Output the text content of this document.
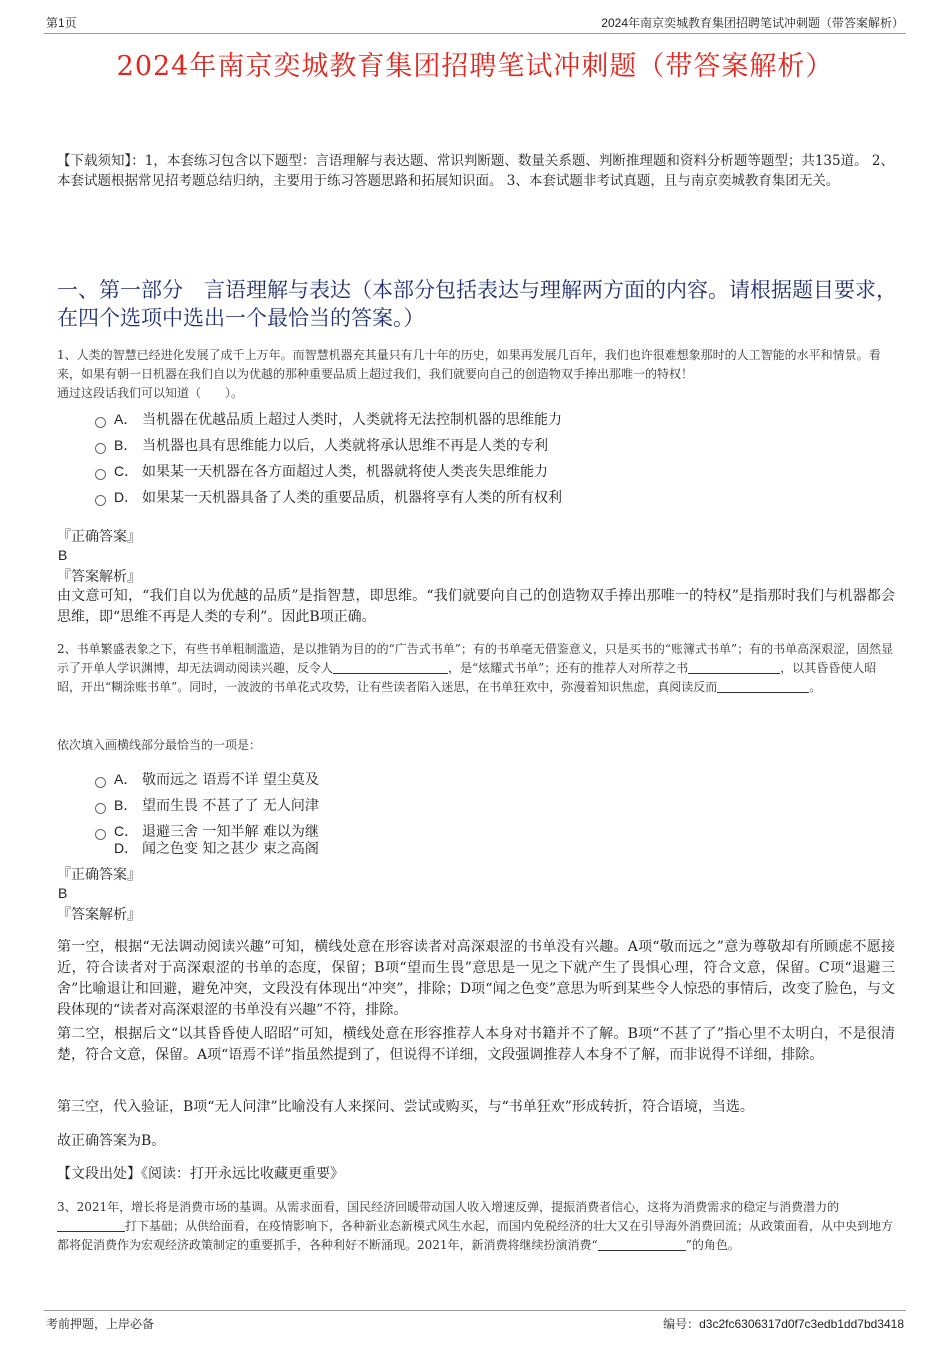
第1页	2024年南京奕城教育集团招聘笔试冲刺题（带答案解析）
2024年南京奕城教育集团招聘笔试冲刺题（带答案解析）
【下载须知】：1，本套练习包含以下题型：言语理解与表达题、常识判断题、数量关系题、判断推理题和资料分析题等题型；共135道。 2、本套试题根据常见招考题总结归纳，主要用于练习答题思路和拓展知识面。 3、本套试题非考试真题，且与南京奕城教育集团无关。
一、第一部分　言语理解与表达（本部分包括表达与理解两方面的内容。请根据题目要求，在四个选项中选出一个最恰当的答案。）
1、人类的智慧已经进化发展了成千上万年。而智慧机器充其量只有几十年的历史，如果再发展几百年，我们也许很难想象那时的人工智能的水平和情景。看来，如果有朝一日机器在我们自以为优越的那种重要品质上超过我们，我们就要向自己的创造物双手捧出那唯一的特权！
通过这段话我们可以知道（　　）。
A． 当机器在优越品质上超过人类时，人类就将无法控制机器的思维能力
B． 当机器也具有思维能力以后，人类就将承认思维不再是人类的专利
C． 如果某一天机器在各方面超过人类，机器就将使人类丧失思维能力
D． 如果某一天机器具备了人类的重要品质，机器将享有人类的所有权利
『正确答案』
B
『答案解析』
由文意可知，“我们自以为优越的品质”是指智慧，即思维。“我们就要向自己的创造物双手捧出那唯一的特权”是指那时我们与机器都会思维，即“思维不再是人类的专利”。因此B项正确。
2、书单繁盛表象之下，有些书单粗制滥造，是以推销为目的的“广告式书单”；有的书单毫无借鉴意义，只是买书的“账簿式书单”；有的书单高深艰涩，固然显示了开单人学识渊博，却无法调动阅读兴趣，反令人	，是“炫耀式书单”；还有的推荐人对所荐之书	，以其昏昏使人昭昭，开出“糊涂账书单”。同时，一波波的书单花式攻势，让有些读者陷入迷思，在书单狂欢中，弥漫着知识焦虑，真阅读反而	。
依次填入画横线部分最恰当的一项是：
A． 敬而远之 语焉不详 望尘莫及
B． 望而生畏 不甚了了 无人问津
C． 退避三舍 一知半解 难以为继
D． 闻之色变 知之甚少 束之高阁
『正确答案』
B
『答案解析』
第一空，根据“无法调动阅读兴趣”可知，横线处意在形容读者对高深艰涩的书单没有兴趣。A项“敬而远之”意为尊敬却有所顾虑不愿接近，符合读者对于高深艰涩的书单的态度，保留；B项“望而生畏”意思是一见之下就产生了畏惧心理，符合文意，保留。C项“退避三舍”比喻退让和回避，避免冲突，文段没有体现出“冲突”，排除；D项“闻之色变”意思为听到某些令人惊恐的事情后，改变了脸色，与文段体现的“读者对高深艰涩的书单没有兴趣”不符，排除。
第二空，根据后文“以其昏昏使人昭昭”可知，横线处意在形容推荐人本身对书籍并不了解。B项“不甚了了”指心里不太明白，不是很清楚，符合文意，保留。A项“语焉不详”指虽然提到了，但说得不详细，文段强调推荐人本身不了解，而非说得不详细，排除。
第三空，代入验证，B项“无人问津”比喻没有人来探问、尝试或购买，与“书单狂欢”形成转折，符合语境，当选。
故正确答案为B。
【文段出处】《阅读：打开永远比收藏更重要》
3、2021年，增长将是消费市场的基调。从需求面看，国民经济回暖带动国人收入增速反弹，提振消费者信心，这将为消费需求的稳定与消费潜力的打下基础；从供给面看，在疫情影响下，各种新业态新模式风生水起，而国内免税经济的壮大又在引导海外消费回流；从政策面看，从中央到地方都将促消费作为宏观经济政策制定的重要抓手，各种利好不断涌现。2021年，新消费将继续扮演消费“	”的角色。
考前押题，上岸必备	编号：d3c2fc6306317d0f7c3edb1dd7bd3418
